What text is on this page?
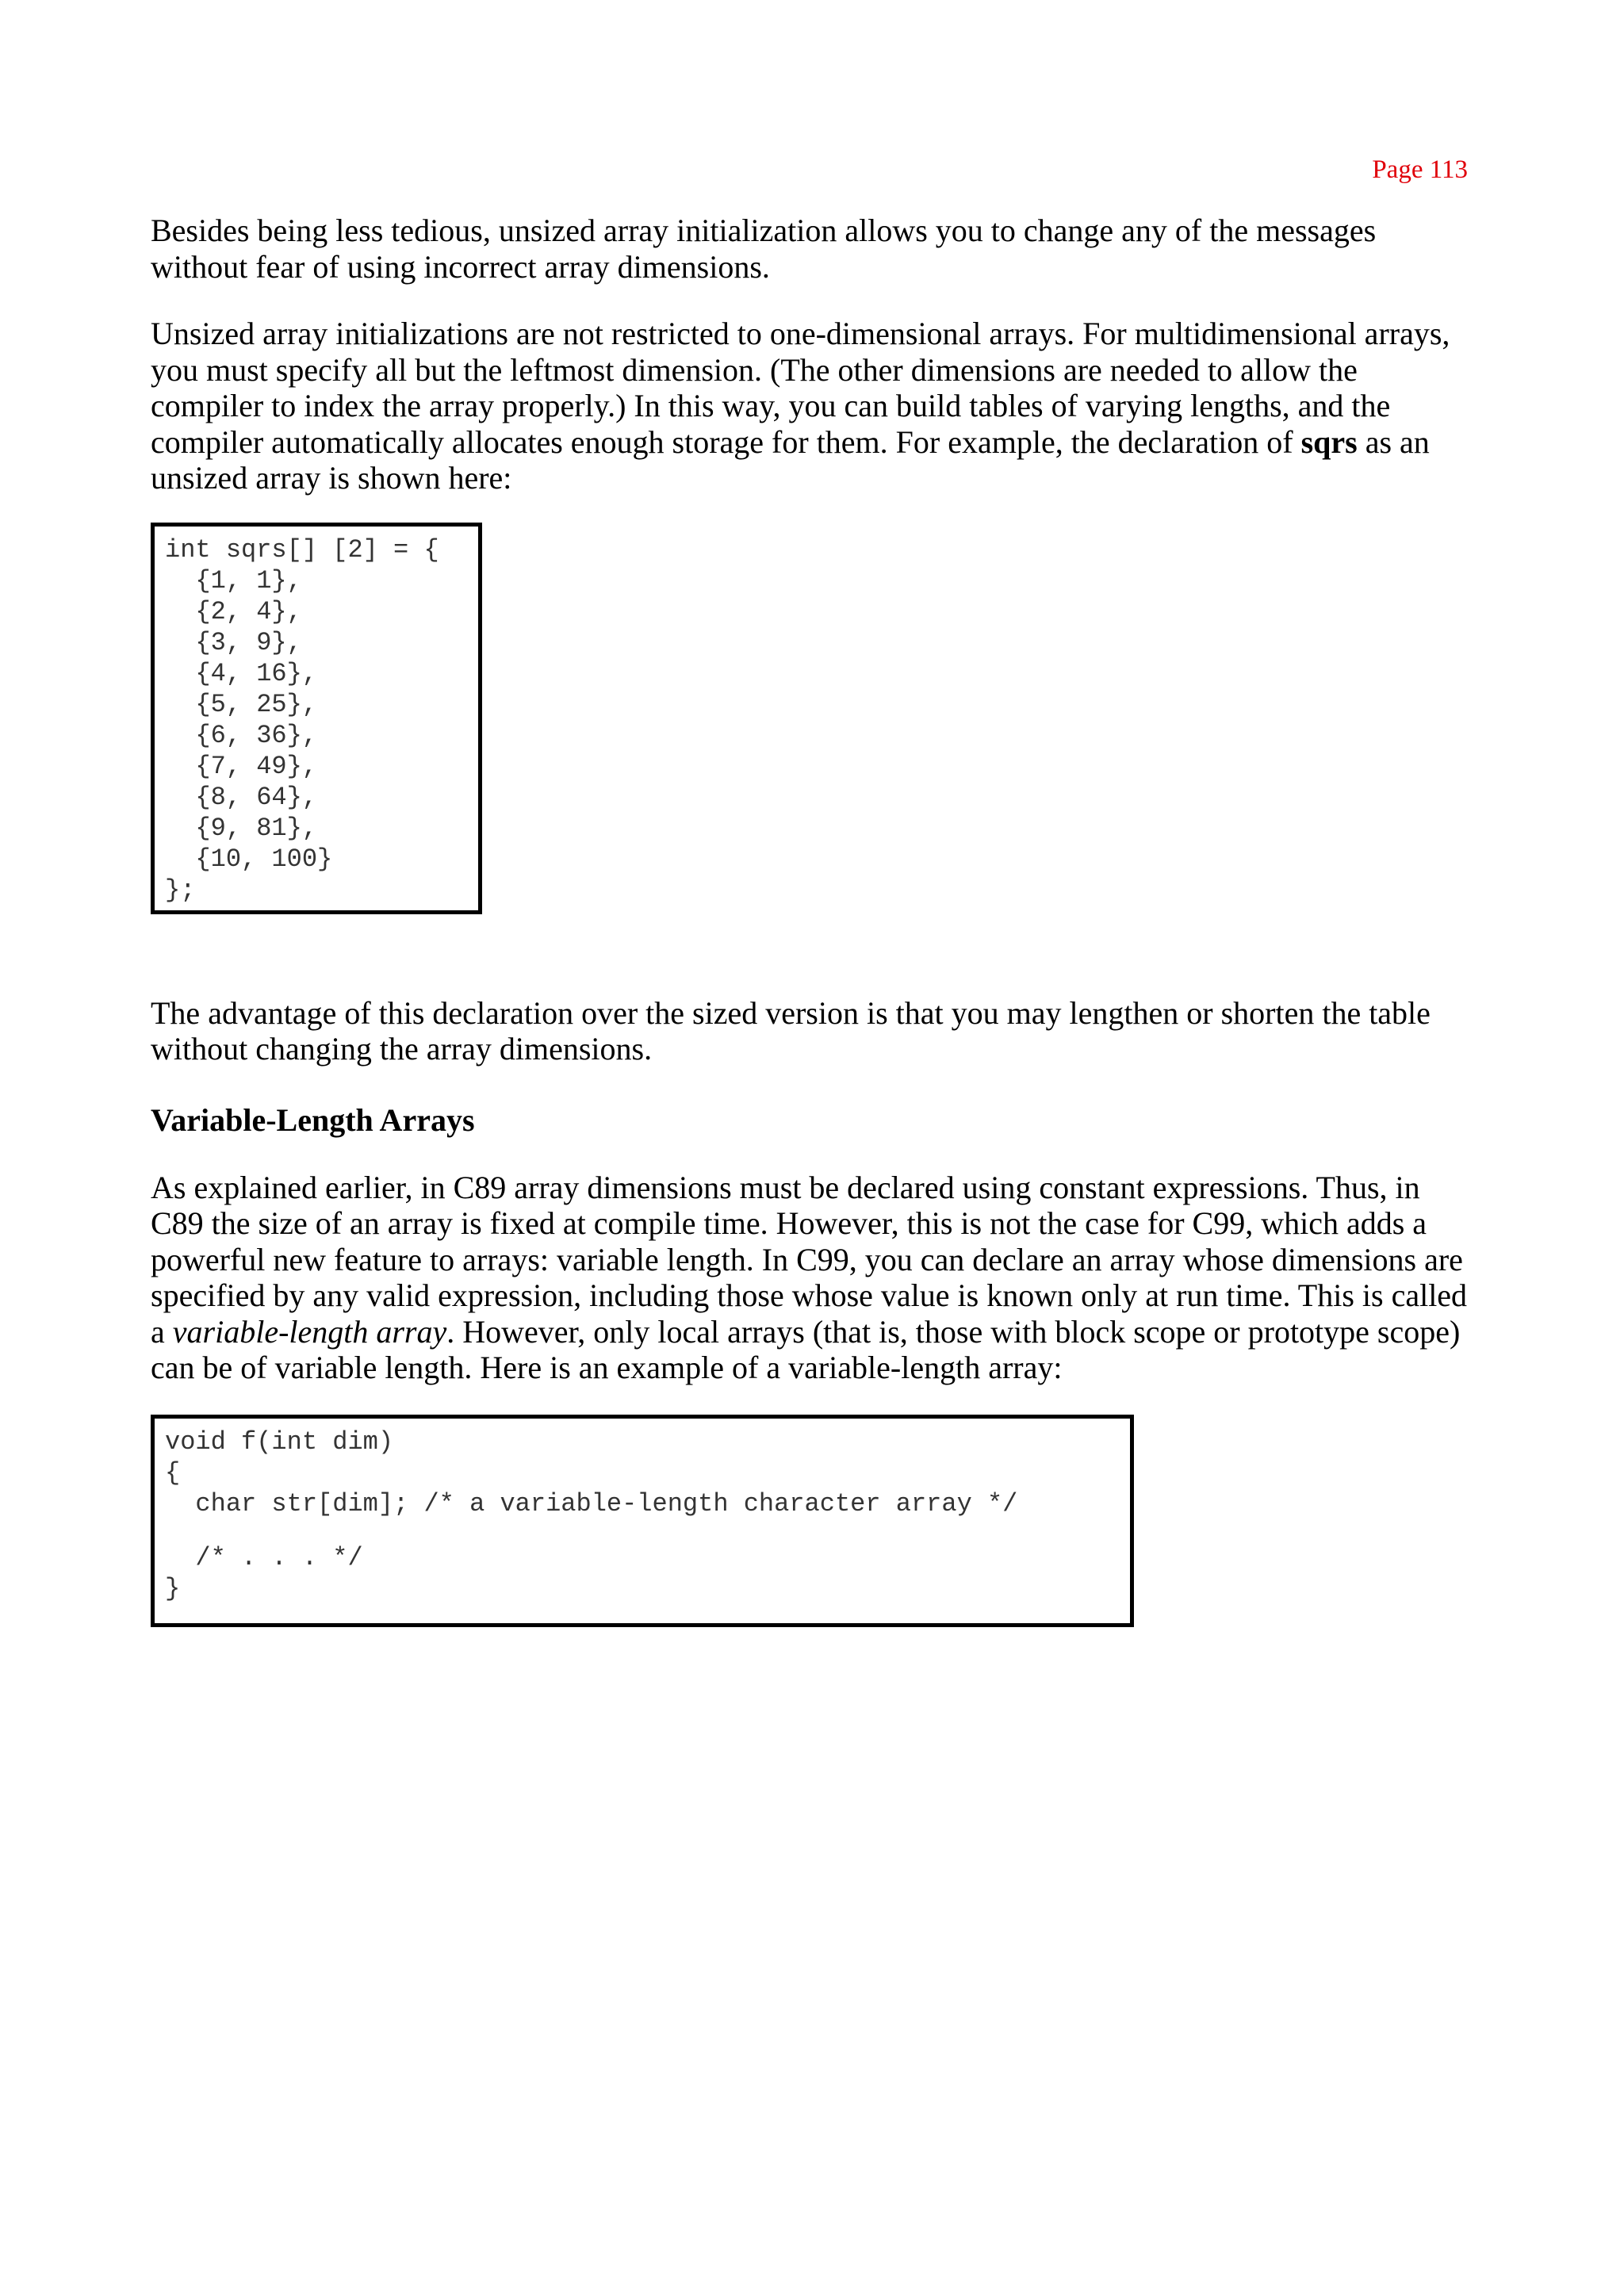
Page 113

Besides being less tedious, unsized array initialization allows you to change any of the messages without fear of using incorrect array dimensions.

Unsized array initializations are not restricted to one-dimensional arrays. For multidimensional arrays, you must specify all but the leftmost dimension. (The other dimensions are needed to allow the compiler to index the array properly.) In this way, you can build tables of varying lengths, and the compiler automatically allocates enough storage for them. For example, the declaration of sqrs as an unsized array is shown here:

int sqrs[] [2] = {
{1, 1},
{2, 4},
{3, 9},
{4, 16},
{5, 25},
{6, 36},
{7, 49},
{8, 64},
{9, 81},
{10, 100}
};

The advantage of this declaration over the sized version is that you may lengthen or shorten the table without changing the array dimensions.

Variable-Length Arrays

As explained earlier, in C89 array dimensions must be declared using constant expressions. Thus, in C89 the size of an array is fixed at compile time. However, this is not the case for C99, which adds a powerful new feature to arrays: variable length. In C99, you can declare an array whose dimensions are specified by any valid expression, including those whose value is known only at run time. This is called a variable-length array. However, only local arrays (that is, those with block scope or prototype scope) can be of variable length. Here is an example of a variable-length array:

void f(int dim)
{
char str[dim]; /* a variable-length character array */
/* . . . */
}
